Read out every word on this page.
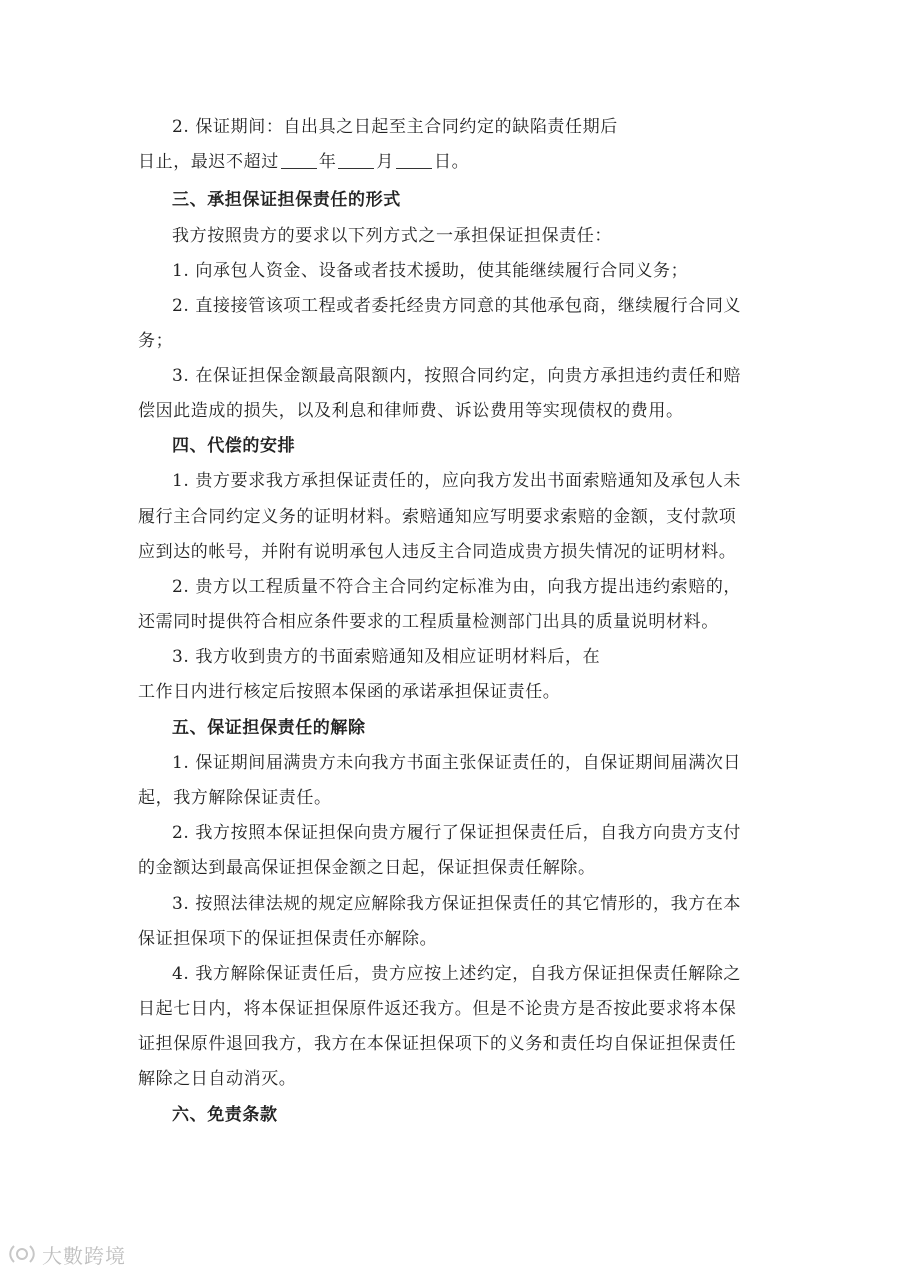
2. 保证期间：自出具之日起至主合同约定的缺陷责任期后
日止，最迟不超过 年 月 日。
三、承担保证担保责任的形式
我方按照贵方的要求以下列方式之一承担保证担保责任：
1. 向承包人资金、设备或者技术援助，使其能继续履行合同义务；
2. 直接接管该项工程或者委托经贵方同意的其他承包商，继续履行合同义
务；
3. 在保证担保金额最高限额内，按照合同约定，向贵方承担违约责任和赔
偿因此造成的损失，以及利息和律师费、诉讼费用等实现债权的费用。
四、代偿的安排
1. 贵方要求我方承担保证责任的，应向我方发出书面索赔通知及承包人未
履行主合同约定义务的证明材料。索赔通知应写明要求索赔的金额，支付款项
应到达的帐号，并附有说明承包人违反主合同造成贵方损失情况的证明材料。
2. 贵方以工程质量不符合主合同约定标准为由，向我方提出违约索赔的，
还需同时提供符合相应条件要求的工程质量检测部门出具的质量说明材料。
3. 我方收到贵方的书面索赔通知及相应证明材料后，在
工作日内进行核定后按照本保函的承诺承担保证责任。
五、保证担保责任的解除
1. 保证期间届满贵方未向我方书面主张保证责任的，自保证期间届满次日
起，我方解除保证责任。
2. 我方按照本保证担保向贵方履行了保证担保责任后，自我方向贵方支付
的金额达到最高保证担保金额之日起，保证担保责任解除。
3. 按照法律法规的规定应解除我方保证担保责任的其它情形的，我方在本
保证担保项下的保证担保责任亦解除。
4. 我方解除保证责任后，贵方应按上述约定，自我方保证担保责任解除之
日起七日内，将本保证担保原件返还我方。但是不论贵方是否按此要求将本保
证担保原件退回我方，我方在本保证担保项下的义务和责任均自保证担保责任
解除之日自动消灭。
六、免责条款
大數跨境
